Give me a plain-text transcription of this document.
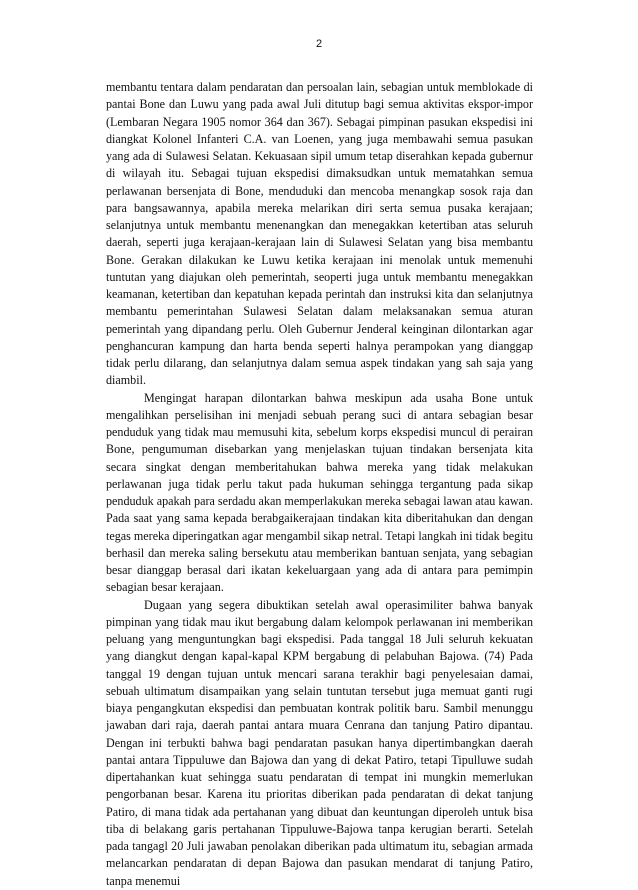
2

membantu tentara dalam pendaratan dan persoalan lain, sebagian untuk memblokade di pantai Bone dan Luwu yang pada awal Juli ditutup bagi semua aktivitas ekspor-impor (Lembaran Negara 1905 nomor 364 dan 367). Sebagai pimpinan pasukan ekspedisi ini diangkat Kolonel Infanteri C.A. van Loenen, yang juga membawahi semua pasukan yang ada di Sulawesi Selatan. Kekuasaan sipil umum tetap diserahkan kepada gubernur di wilayah itu. Sebagai tujuan ekspedisi dimaksudkan untuk mematahkan semua perlawanan bersenjata di Bone, menduduki dan mencoba menangkap sosok raja dan para bangsawannya, apabila mereka melarikan diri serta semua pusaka kerajaan; selanjutnya untuk membantu menenangkan dan menegakkan ketertiban atas seluruh daerah, seperti juga kerajaan-kerajaan lain di Sulawesi Selatan yang bisa membantu Bone. Gerakan dilakukan ke Luwu ketika kerajaan ini menolak untuk memenuhi tuntutan yang diajukan oleh pemerintah, seoperti juga untuk membantu menegakkan keamanan, ketertiban dan kepatuhan kepada perintah dan instruksi kita dan selanjutnya membantu pemerintahan Sulawesi Selatan dalam melaksanakan semua aturan pemerintah yang dipandang perlu. Oleh Gubernur Jenderal keinginan dilontarkan agar penghancuran kampung dan harta benda seperti halnya perampokan yang dianggap tidak perlu dilarang, dan selanjutnya dalam semua aspek tindakan yang sah saja yang diambil.

Mengingat harapan dilontarkan bahwa meskipun ada usaha Bone untuk mengalihkan perselisihan ini menjadi sebuah perang suci di antara sebagian besar penduduk yang tidak mau memusuhi kita, sebelum korps ekspedisi muncul di perairan Bone, pengumuman disebarkan yang menjelaskan tujuan tindakan bersenjata kita secara singkat dengan memberitahukan bahwa mereka yang tidak melakukan perlawanan juga tidak perlu takut pada hukuman sehingga tergantung pada sikap penduduk apakah para serdadu akan memperlakukan mereka sebagai lawan atau kawan. Pada saat yang sama kepada berabgaikerajaan tindakan kita diberitahukan dan dengan tegas mereka diperingatkan agar mengambil sikap netral. Tetapi langkah ini tidak begitu berhasil dan mereka saling bersekutu atau memberikan bantuan senjata, yang sebagian besar dianggap berasal dari ikatan kekeluargaan yang ada di antara para pemimpin sebagian besar kerajaan.

Dugaan yang segera dibuktikan setelah awal operasimiliter bahwa banyak pimpinan yang tidak mau ikut bergabung dalam kelompok perlawanan ini memberikan peluang yang menguntungkan bagi ekspedisi. Pada tanggal 18 Juli seluruh kekuatan yang diangkut dengan kapal-kapal KPM bergabung di pelabuhan Bajowa. (74) Pada tanggal 19 dengan tujuan untuk mencari sarana terakhir bagi penyelesaian damai, sebuah ultimatum disampaikan yang selain tuntutan tersebut juga memuat ganti rugi biaya pengangkutan ekspedisi dan pembuatan kontrak politik baru. Sambil menunggu jawaban dari raja, daerah pantai antara muara Cenrana dan tanjung Patiro dipantau. Dengan ini terbukti bahwa bagi pendaratan pasukan hanya dipertimbangkan daerah pantai antara Tippuluwe dan Bajowa dan yang di dekat Patiro, tetapi Tipulluwe sudah dipertahankan kuat sehingga suatu pendaratan di tempat ini mungkin memerlukan pengorbanan besar. Karena itu prioritas diberikan pada pendaratan di dekat tanjung Patiro, di mana tidak ada pertahanan yang dibuat dan keuntungan diperoleh untuk bisa tiba di belakang garis pertahanan Tippuluwe-Bajowa tanpa kerugian berarti. Setelah pada tangagl 20 Juli jawaban penolakan diberikan pada ultimatum itu, sebagian armada melancarkan pendaratan di depan Bajowa dan pasukan mendarat di tanjung Patiro, tanpa menemui
